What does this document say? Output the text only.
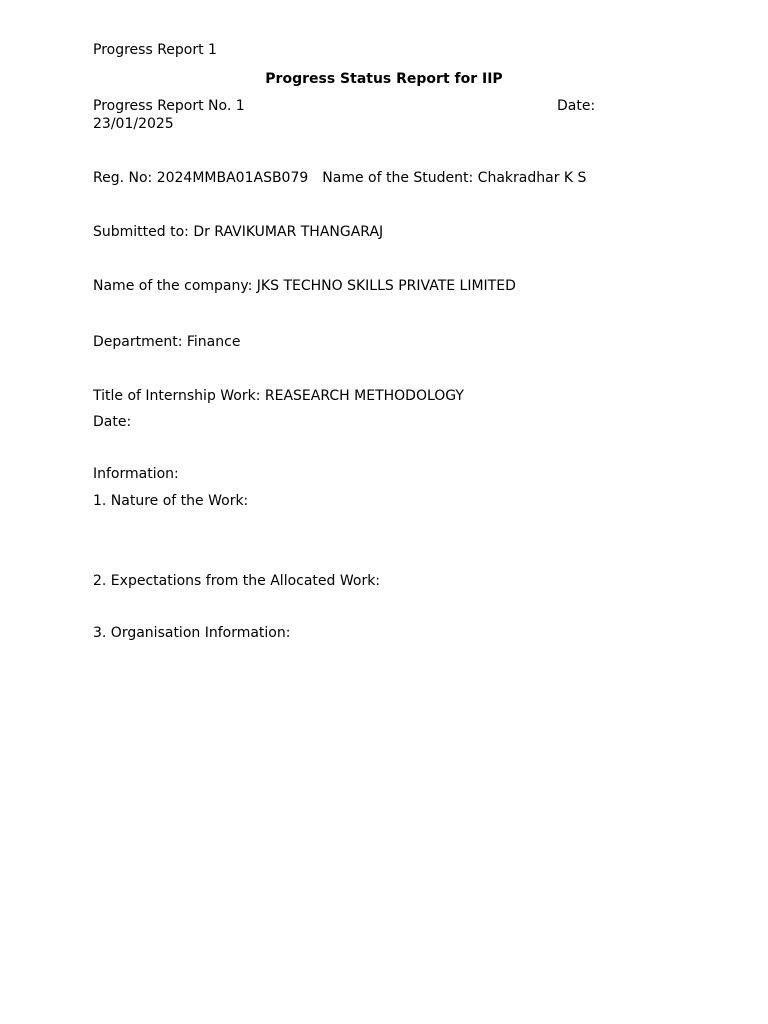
Progress Report 1
Progress Status Report for IIP
Progress Report No. 1	Date:
23/01/2025
Reg. No: 2024MMBA01ASB079 Name of the Student: Chakradhar K S
Submitted to: Dr RAVIKUMAR THANGARAJ
Name of the company: JKS TECHNO SKILLS PRIVATE LIMITED
Department: Finance
Title of Internship Work: REASEARCH METHODOLOGY
Date:
Information:
1. Nature of the Work:
2. Expectations from the Allocated Work:
3. Organisation Information:
